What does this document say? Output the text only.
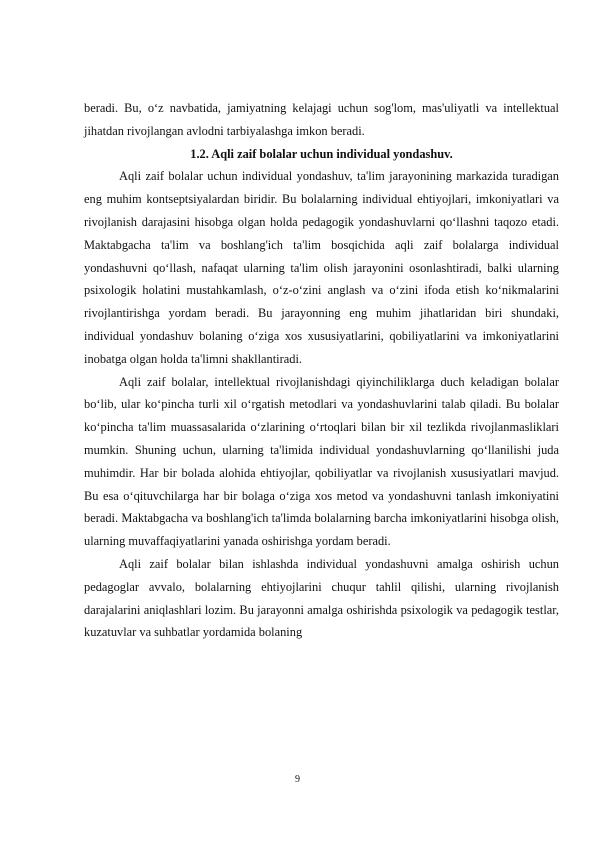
beradi. Bu, o‘z navbatida, jamiyatning kelajagi uchun sog'lom, mas'uliyatli va intellektual jihatdan rivojlangan avlodni tarbiyalashga imkon beradi.

1.2. Aqli zaif bolalar uchun individual yondashuv.

Aqli zaif bolalar uchun individual yondashuv, ta'lim jarayonining markazida turadigan eng muhim kontseptsiyalardan biridir. Bu bolalarning individual ehtiyojlari, imkoniyatlari va rivojlanish darajasini hisobga olgan holda pedagogik yondashuvlarni qo‘llashni taqozo etadi. Maktabgacha ta'lim va boshlang'ich ta'lim bosqichida aqli zaif bolalarga individual yondashuvni qo‘llash, nafaqat ularning ta'lim olish jarayonini osonlashtiradi, balki ularning psixologik holatini mustahkamlash, o‘z-o‘zini anglash va o‘zini ifoda etish ko‘nikmalarini rivojlantirishga yordam beradi. Bu jarayonning eng muhim jihatlaridan biri shundaki, individual yondashuv bolaning o‘ziga xos xususiyatlarini, qobiliyatlarini va imkoniyatlarini inobatga olgan holda ta'limni shakllantiradi.

Aqli zaif bolalar, intellektual rivojlanishdagi qiyinchiliklarga duch keladigan bolalar bo‘lib, ular ko‘pincha turli xil o‘rgatish metodlari va yondashuvlarini talab qiladi. Bu bolalar ko‘pincha ta'lim muassasalarida o‘zlarining o‘rtoqlari bilan bir xil tezlikda rivojlanmasliklari mumkin. Shuning uchun, ularning ta'limida individual yondashuvlarning qo‘llanilishi juda muhimdir. Har bir bolada alohida ehtiyojlar, qobiliyatlar va rivojlanish xususiyatlari mavjud. Bu esa o‘qituvchilarga har bir bolaga o‘ziga xos metod va yondashuvni tanlash imkoniyatini beradi. Maktabgacha va boshlang'ich ta'limda bolalarning barcha imkoniyatlarini hisobga olish, ularning muvaffaqiyatlarini yanada oshirishga yordam beradi.

Aqli zaif bolalar bilan ishlashda individual yondashuvni amalga oshirish uchun pedagoglar avvalo, bolalarning ehtiyojlarini chuqur tahlil qilishi, ularning rivojlanish darajalarini aniqlashlari lozim. Bu jarayonni amalga oshirishda psixologik va pedagogik testlar, kuzatuvlar va suhbatlar yordamida bolaning

9
